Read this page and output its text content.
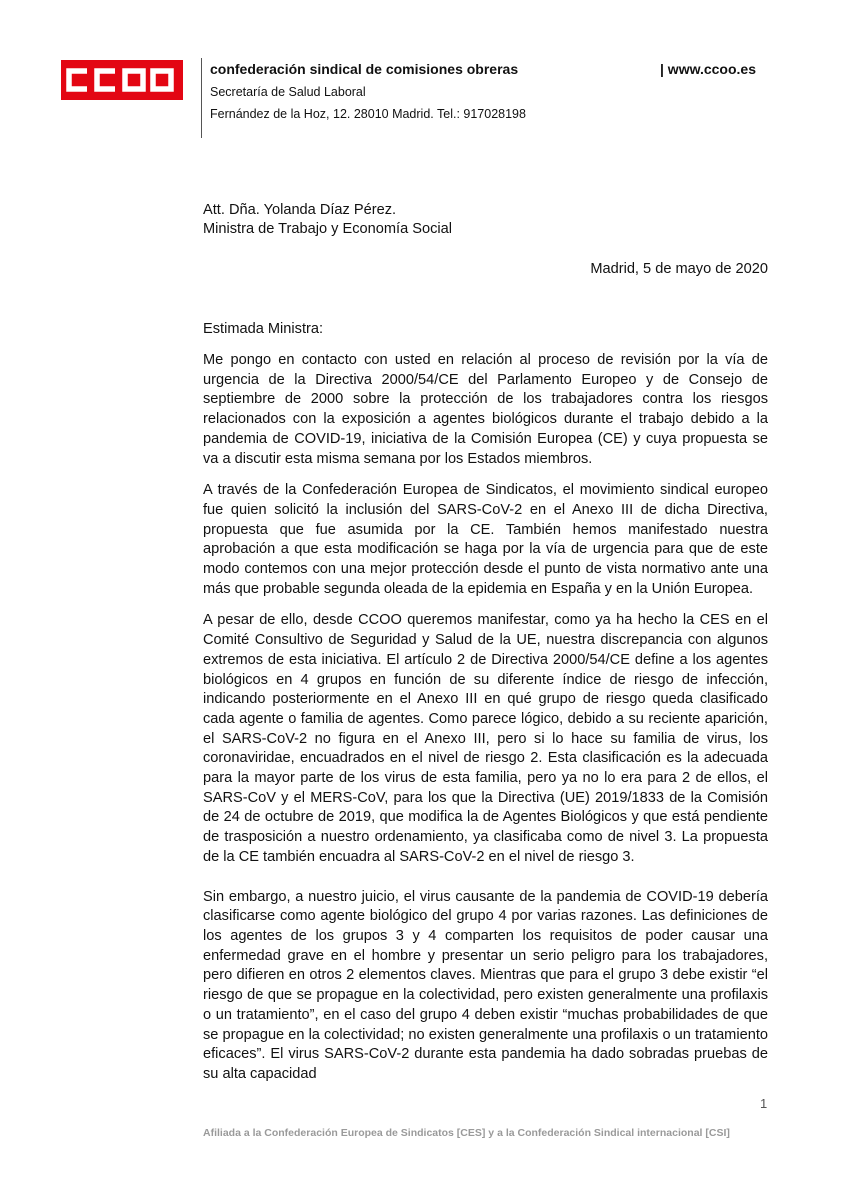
confederación sindical de comisiones obreras	| www.ccoo.es
Secretaría de Salud Laboral
Fernández de la Hoz, 12. 28010 Madrid. Tel.: 917028198
Att. Dña. Yolanda Díaz Pérez.
Ministra de Trabajo y Economía Social
Madrid, 5 de mayo de 2020
Estimada Ministra:

Me pongo en contacto con usted en relación al proceso de revisión por la vía de urgencia de la Directiva 2000/54/CE del Parlamento Europeo y de Consejo de septiembre de 2000 sobre la protección de los trabajadores contra los riesgos relacionados con la exposición a agentes biológicos durante el trabajo debido a la pandemia de COVID-19, iniciativa de la Comisión Europea (CE) y cuya propuesta se va a discutir esta misma semana por los Estados miembros.

A través de la Confederación Europea de Sindicatos, el movimiento sindical europeo fue quien solicitó la inclusión del SARS-CoV-2 en el Anexo III de dicha Directiva, propuesta que fue asumida por la CE. También hemos manifestado nuestra aprobación a que esta modificación se haga por la vía de urgencia para que de este modo contemos con una mejor protección desde el punto de vista normativo ante una más que probable segunda oleada de la epidemia en España y en la Unión Europea.

A pesar de ello, desde CCOO queremos manifestar, como ya ha hecho la CES en el Comité Consultivo de Seguridad y Salud de la UE, nuestra discrepancia con algunos extremos de esta iniciativa. El artículo 2 de Directiva 2000/54/CE define a los agentes biológicos en 4 grupos en función de su diferente índice de riesgo de infección, indicando posteriormente en el Anexo III en qué grupo de riesgo queda clasificado cada agente o familia de agentes. Como parece lógico, debido a su reciente aparición, el SARS-CoV-2 no figura en el Anexo III, pero si lo hace su familia de virus, los coronaviridae, encuadrados en el nivel de riesgo 2. Esta clasificación es la adecuada para la mayor parte de los virus de esta familia, pero ya no lo era para 2 de ellos, el SARS-CoV y el MERS-CoV, para los que la Directiva (UE) 2019/1833 de la Comisión de 24 de octubre de 2019, que modifica la de Agentes Biológicos y que está pendiente de trasposición a nuestro ordenamiento, ya clasificaba como de nivel 3. La propuesta de la CE también encuadra al SARS-CoV-2 en el nivel de riesgo 3.

Sin embargo, a nuestro juicio, el virus causante de la pandemia de COVID-19 debería clasificarse como agente biológico del grupo 4 por varias razones. Las definiciones de los agentes de los grupos 3 y 4 comparten los requisitos de poder causar una enfermedad grave en el hombre y presentar un serio peligro para los trabajadores, pero difieren en otros 2 elementos claves. Mientras que para el grupo 3 debe existir “el riesgo de que se propague en la colectividad, pero existen generalmente una profilaxis o un tratamiento”, en el caso del grupo 4 deben existir “muchas probabilidades de que se propague en la colectividad; no existen generalmente una profilaxis o un tratamiento eficaces”. El virus SARS-CoV-2 durante esta pandemia ha dado sobradas pruebas de su alta capacidad

1
Afiliada a la Confederación Europea de Sindicatos [CES] y a la Confederación Sindical internacional [CSI]
